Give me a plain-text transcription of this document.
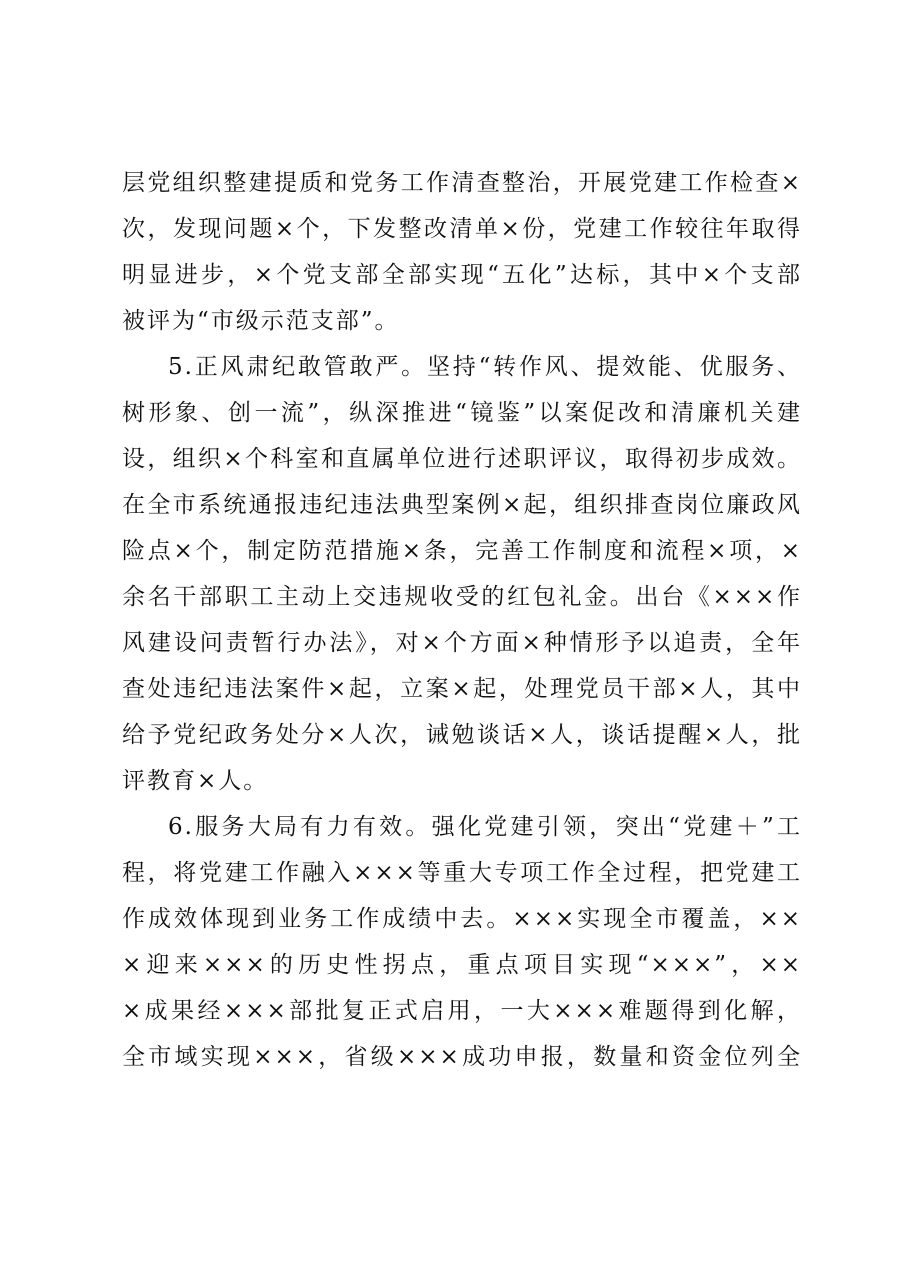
层党组织整建提质和党务工作清查整治，开展党建工作检查×
次，发现问题×个，下发整改清单×份，党建工作较往年取得
明显进步，×个党支部全部实现“五化”达标，其中×个支部
被评为“市级示范支部”。
5.正风肃纪敢管敢严。坚持“转作风、提效能、优服务、
树形象、创一流”，纵深推进“镜鉴”以案促改和清廉机关建
设，组织×个科室和直属单位进行述职评议，取得初步成效。
在全市系统通报违纪违法典型案例×起，组织排查岗位廉政风
险点×个，制定防范措施×条，完善工作制度和流程×项，×
余名干部职工主动上交违规收受的红包礼金。出台《×××作
风建设问责暂行办法》，对×个方面×种情形予以追责，全年
查处违纪违法案件×起，立案×起，处理党员干部×人，其中
给予党纪政务处分×人次，诫勉谈话×人，谈话提醒×人，批
评教育×人。
6.服务大局有力有效。强化党建引领，突出“党建＋”工
程，将党建工作融入×××等重大专项工作全过程，把党建工
作成效体现到业务工作成绩中去。×××实现全市覆盖，××
×迎来×××的历史性拐点，重点项目实现“×××”，××
×成果经×××部批复正式启用，一大×××难题得到化解，
全市域实现×××，省级×××成功申报，数量和资金位列全
